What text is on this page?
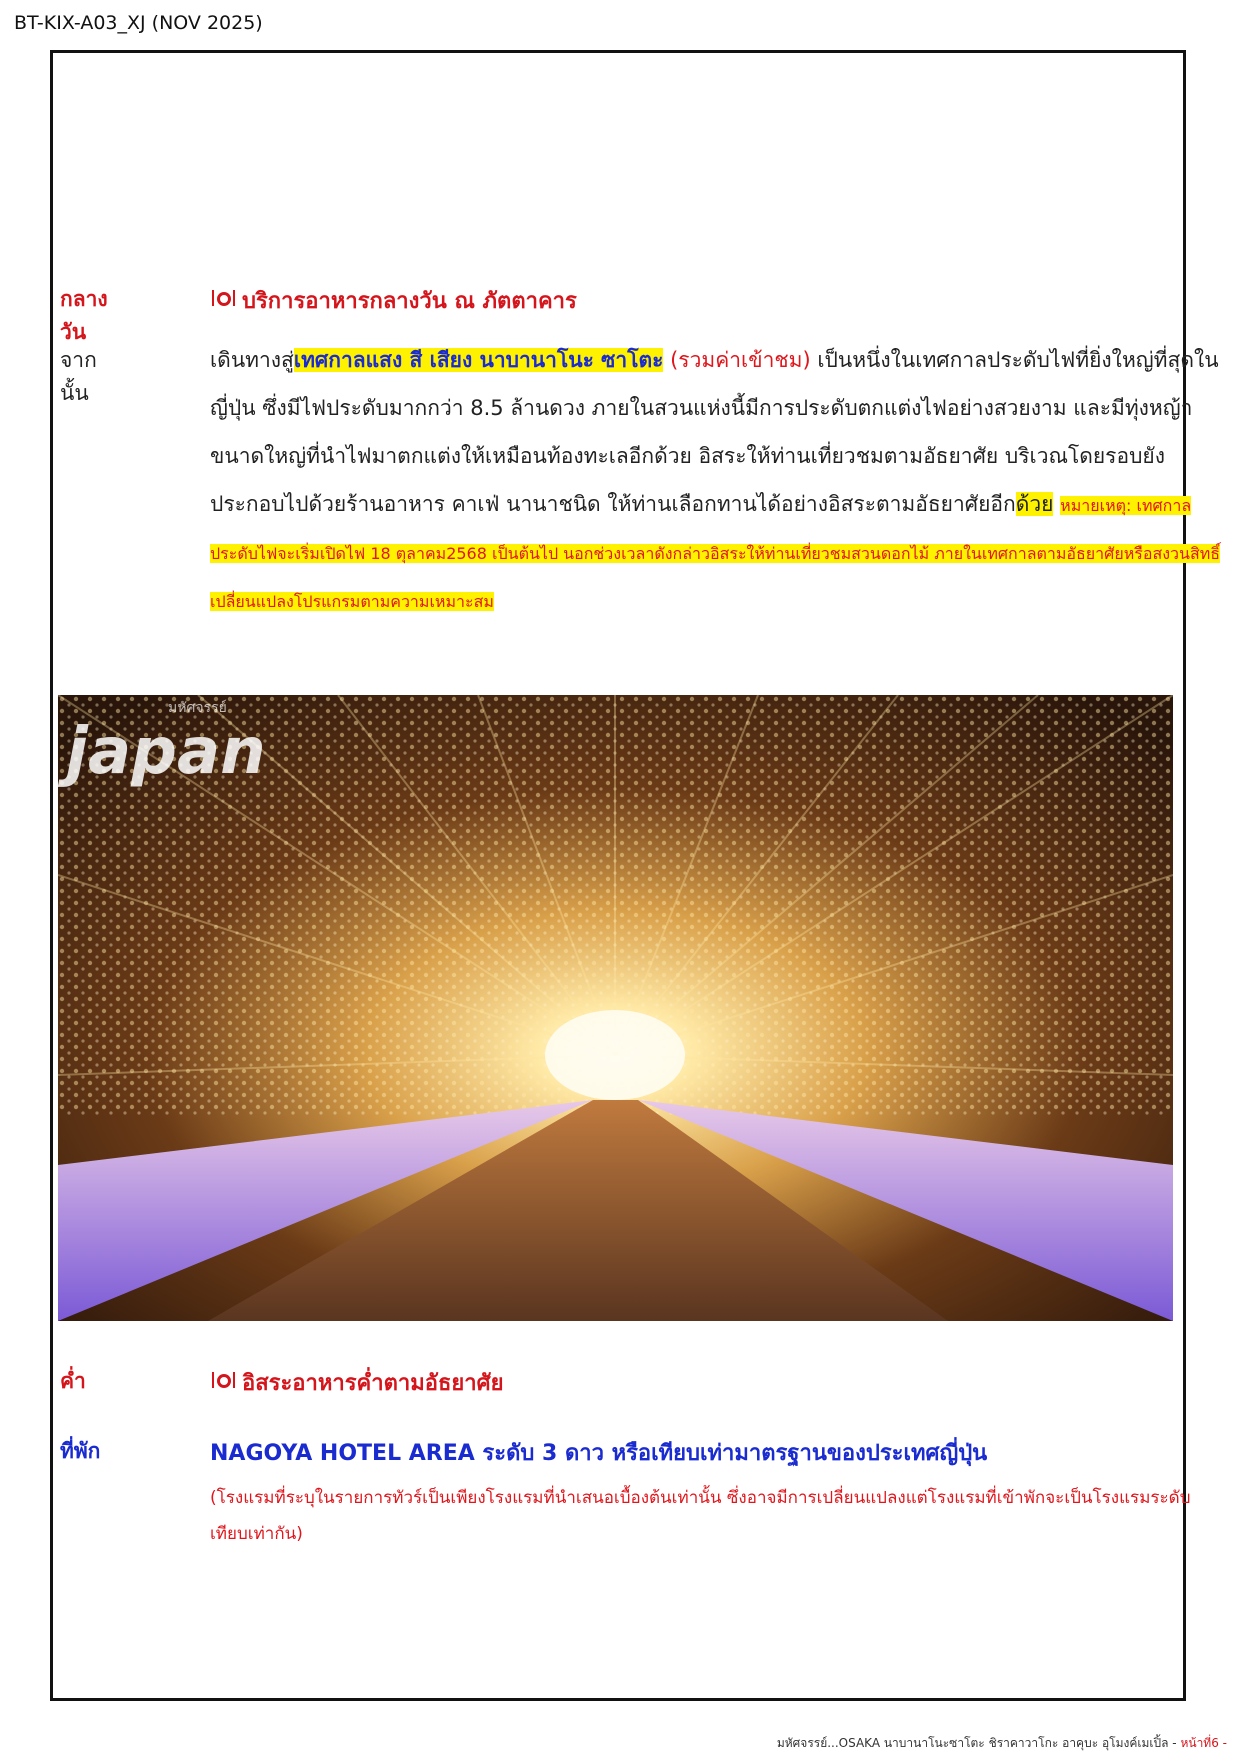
BT-KIX-A03_XJ (NOV 2025)
กลางวัน
บริการอาหารกลางวัน ณ ภัตตาคาร
จากนั้น
เดินทางสู่เทศกาลแสง สี เสียง นาบานาโนะ ซาโตะ (รวมค่าเข้าชม) เป็นหนึ่งในเทศกาลประดับไฟที่ยิ่งใหญ่ที่สุดในญี่ปุ่น ซึ่งมีไฟประดับมากกว่า 8.5 ล้านดวง ภายในสวนแห่งนี้มีการประดับตกแต่งไฟอย่างสวยงาม และมีทุ่งหญ้าขนาดใหญ่ที่นำไฟมาตกแต่งให้เหมือนท้องทะเลอีกด้วย อิสระให้ท่านเที่ยวชมตามอัธยาศัย บริเวณโดยรอบยังประกอบไปด้วยร้านอาหาร คาเฟ่ นานาชนิด ให้ท่านเลือกทานได้อย่างอิสระตามอัธยาศัยอีกด้วย หมายเหตุ: เทศกาลประดับไฟจะเริ่มเปิดไฟ 18 ตุลาคม2568 เป็นต้นไป นอกช่วงเวลาดังกล่าวอิสระให้ท่านเที่ยวชมสวนดอกไม้ ภายในเทศกาลตามอัธยาศัยหรือสงวนสิทธิ์เปลี่ยนแปลงโปรแกรมตามความเหมาะสม
japan
มหัศจรรย์
ค่ำ	อิสระอาหารค่ำตามอัธยาศัย
ที่พัก	NAGOYA HOTEL AREA ระดับ 3 ดาว หรือเทียบเท่ามาตรฐานของประเทศญี่ปุ่น
(โรงแรมที่ระบุในรายการทัวร์เป็นเพียงโรงแรมที่นำเสนอเบื้องต้นเท่านั้น ซึ่งอาจมีการเปลี่ยนแปลงแต่โรงแรมที่เข้าพักจะเป็นโรงแรมระดับเทียบเท่ากัน)
มหัศจรรย์...OSAKA นาบานาโนะซาโตะ ชิราคาวาโกะ อาคุบะ อุโมงค์เมเปิ้ล - หน้าที่6 -
